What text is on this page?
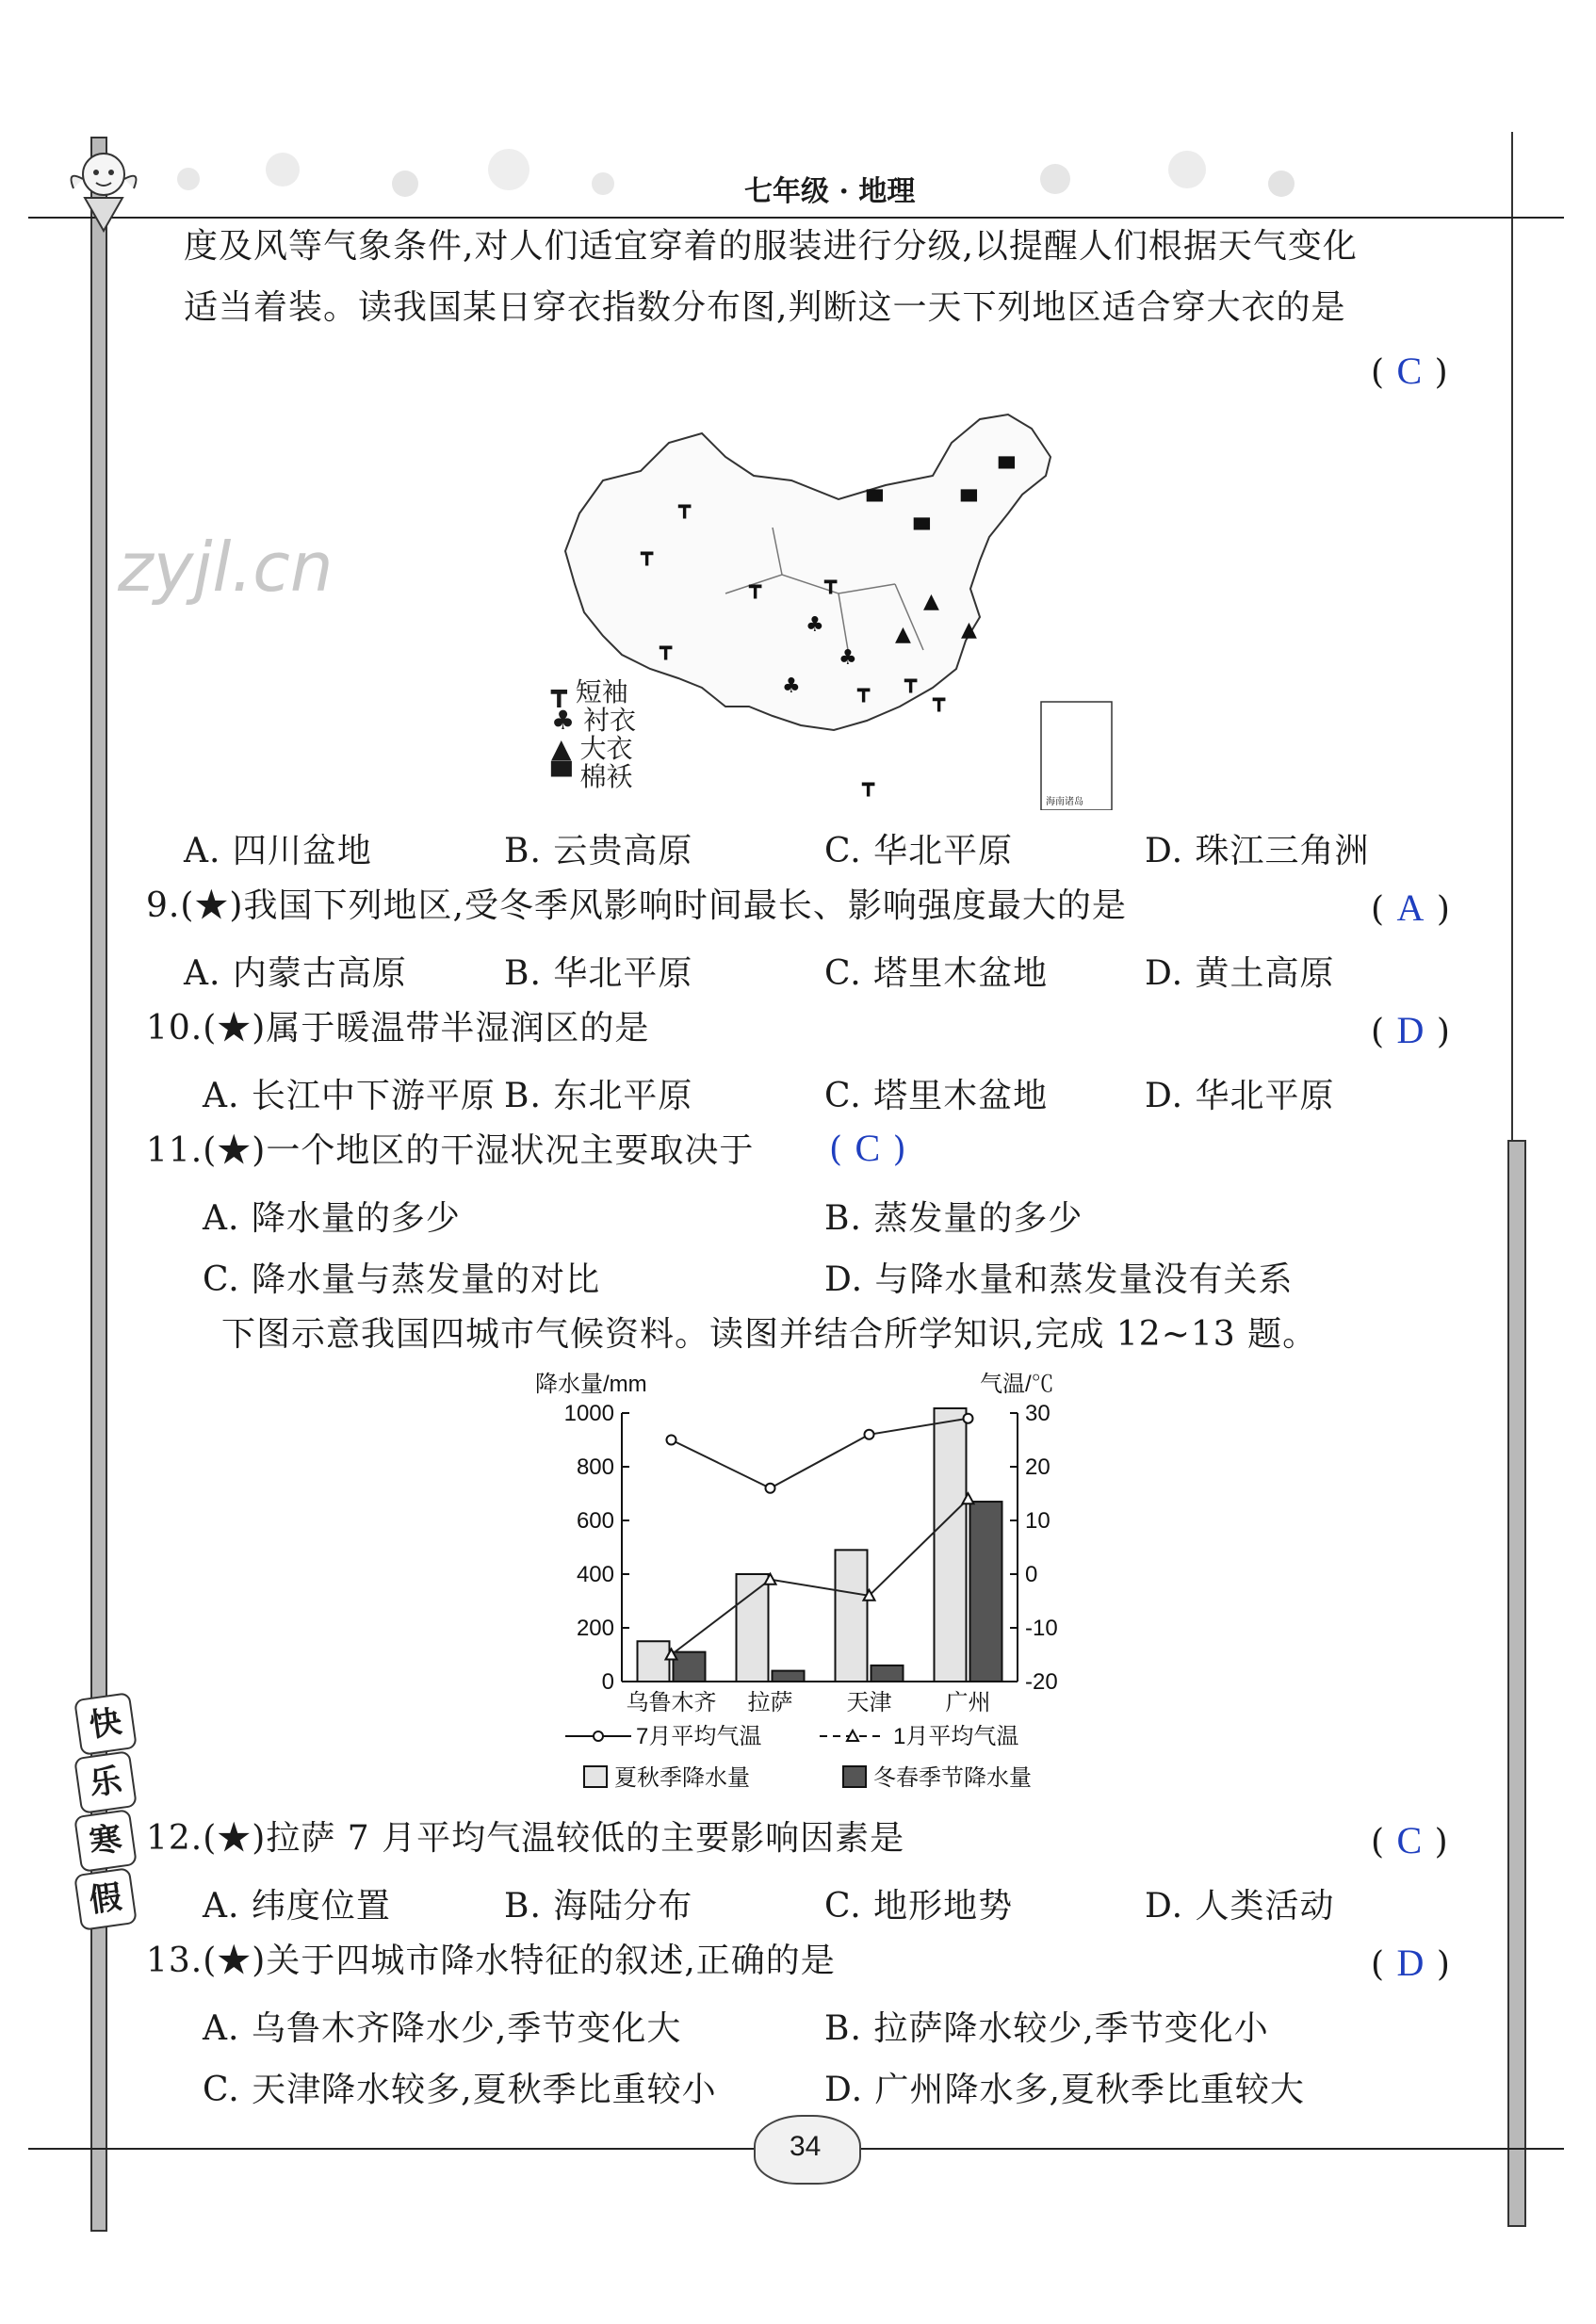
七年级 · 地理
zyjl.cn
度及风等气象条件,对人们适宜穿着的服装进行分级,以提醒人们根据天气变化
适当着装。读我国某日穿衣指数分布图,判断这一天下列地区适合穿大衣的是
( C )
┳
┳
┳
┳	┳
▀
▀
▀
▀
▲
▲ ▲
♣
♣
♣	┳ ┳
┳
┳
海南诸岛
┳ 短袖
♣ 衬衣
▲ 大衣
▀ 棉袄
A. 四川盆地	B. 云贵高原	C. 华北平原	D. 珠江三角洲
9.(★)我国下列地区,受冬季风影响时间最长、影响强度最大的是	( A )
A. 内蒙古高原	B. 华北平原	C. 塔里木盆地	D. 黄土高原
10.(★)属于暖温带半湿润区的是	( D )
A. 长江中下游平原 B. 东北平原	C. 塔里木盆地	D. 华北平原
11.(★)一个地区的干湿状况主要取决于 ( C )
A. 降水量的多少	B. 蒸发量的多少
C. 降水量与蒸发量的对比	D. 与降水量和蒸发量没有关系
下图示意我国四城市气候资料。读图并结合所学知识,完成 12~13 题。
降水量/mm	气温/℃
0
200
400
600
800
1000
-20
-10
0
10
20
30
乌鲁木齐 拉萨 天津 广州
7月平均气温	1月平均气温
夏秋季降水量	冬春季节降水量
12.(★)拉萨 7 月平均气温较低的主要影响因素是	( C )
A. 纬度位置	B. 海陆分布	C. 地形地势	D. 人类活动
13.(★)关于四城市降水特征的叙述,正确的是	( D )
A. 乌鲁木齐降水少,季节变化大	B. 拉萨降水较少,季节变化小
C. 天津降水较多,夏秋季比重较小	D. 广州降水多,夏秋季比重较大
快
乐
寒
假
34
